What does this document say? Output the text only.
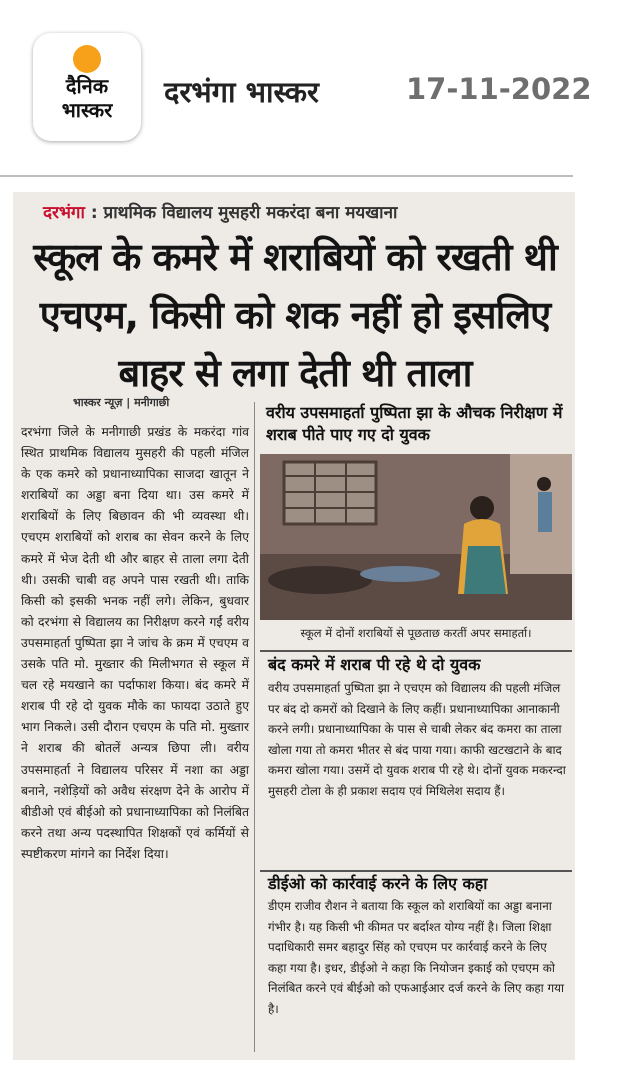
दैनिक
भास्कर
दरभंगा भास्कर	17-11-2022
दरभंगा : प्राथमिक विद्यालय मुसहरी मकरंदा बना मयखाना
स्कूल के कमरे में शराबियों को रखती थी एचएम, किसी को शक नहीं हो इसलिए बाहर से लगा देती थी ताला
भास्कर न्यूज़ | मनीगाछी
दरभंगा जिले के मनीगाछी प्रखंड के मकरंदा गांव स्थित प्राथमिक विद्यालय मुसहरी की पहली मंजिल के एक कमरे को प्रधानाध्यापिका साजदा खातून ने शराबियों का अड्डा बना दिया था। उस कमरे में शराबियों के लिए बिछावन की भी व्यवस्था थी। एचएम शराबियों को शराब का सेवन करने के लिए कमरे में भेज देती थी और बाहर से ताला लगा देती थी। उसकी चाबी वह अपने पास रखती थी। ताकि किसी को इसकी भनक नहीं लगे। लेकिन, बुधवार को दरभंगा से विद्यालय का निरीक्षण करने गईं वरीय उपसमाहर्ता पुष्पिता झा ने जांच के क्रम में एचएम व उसके पति मो. मुख्तार की मिलीभगत से स्कूल में चल रहे मयखाने का पर्दाफाश किया। बंद कमरे में शराब पी रहे दो युवक मौके का फायदा उठाते हुए भाग निकले। उसी दौरान एचएम के पति मो. मुख्तार ने शराब की बोतलें अन्यत्र छिपा ली। वरीय उपसमाहर्ता ने विद्यालय परिसर में नशा का अड्डा बनाने, नशेड़ियों को अवैध संरक्षण देने के आरोप में बीडीओ एवं बीईओ को प्रधानाध्यापिका को निलंबित करने तथा अन्य पदस्थापित शिक्षकों एवं कर्मियों से स्पष्टीकरण मांगने का निर्देश दिया।
वरीय उपसमाहर्ता पुष्पिता झा के औचक निरीक्षण में शराब पीते पाए गए दो युवक
स्कूल में दोनों शराबियों से पूछताछ करतीं अपर समाहर्ता।
बंद कमरे में शराब पी रहे थे दो युवक
वरीय उपसमाहर्ता पुष्पिता झा ने एचएम को विद्यालय की पहली मंजिल पर बंद दो कमरों को दिखाने के लिए कहीं। प्रधानाध्यापिका आनाकानी करने लगी। प्रधानाध्यापिका के पास से चाबी लेकर बंद कमरा का ताला खोला गया तो कमरा भीतर से बंद पाया गया। काफी खटखटाने के बाद कमरा खोला गया। उसमें दो युवक शराब पी रहे थे। दोनों युवक मकरन्दा मुसहरी टोला के ही प्रकाश सदाय एवं मिथिलेश सदाय हैं।
डीईओ को कार्रवाई करने के लिए कहा
डीएम राजीव रौशन ने बताया कि स्कूल को शराबियों का अड्डा बनाना गंभीर है। यह किसी भी कीमत पर बर्दाश्त योग्य नहीं है। जिला शिक्षा पदाधिकारी समर बहादुर सिंह को एचएम पर कार्रवाई करने के लिए कहा गया है। इधर, डीईओ ने कहा कि नियोजन इकाई को एचएम को निलंबित करने एवं बीईओ को एफआईआर दर्ज करने के लिए कहा गया है।
